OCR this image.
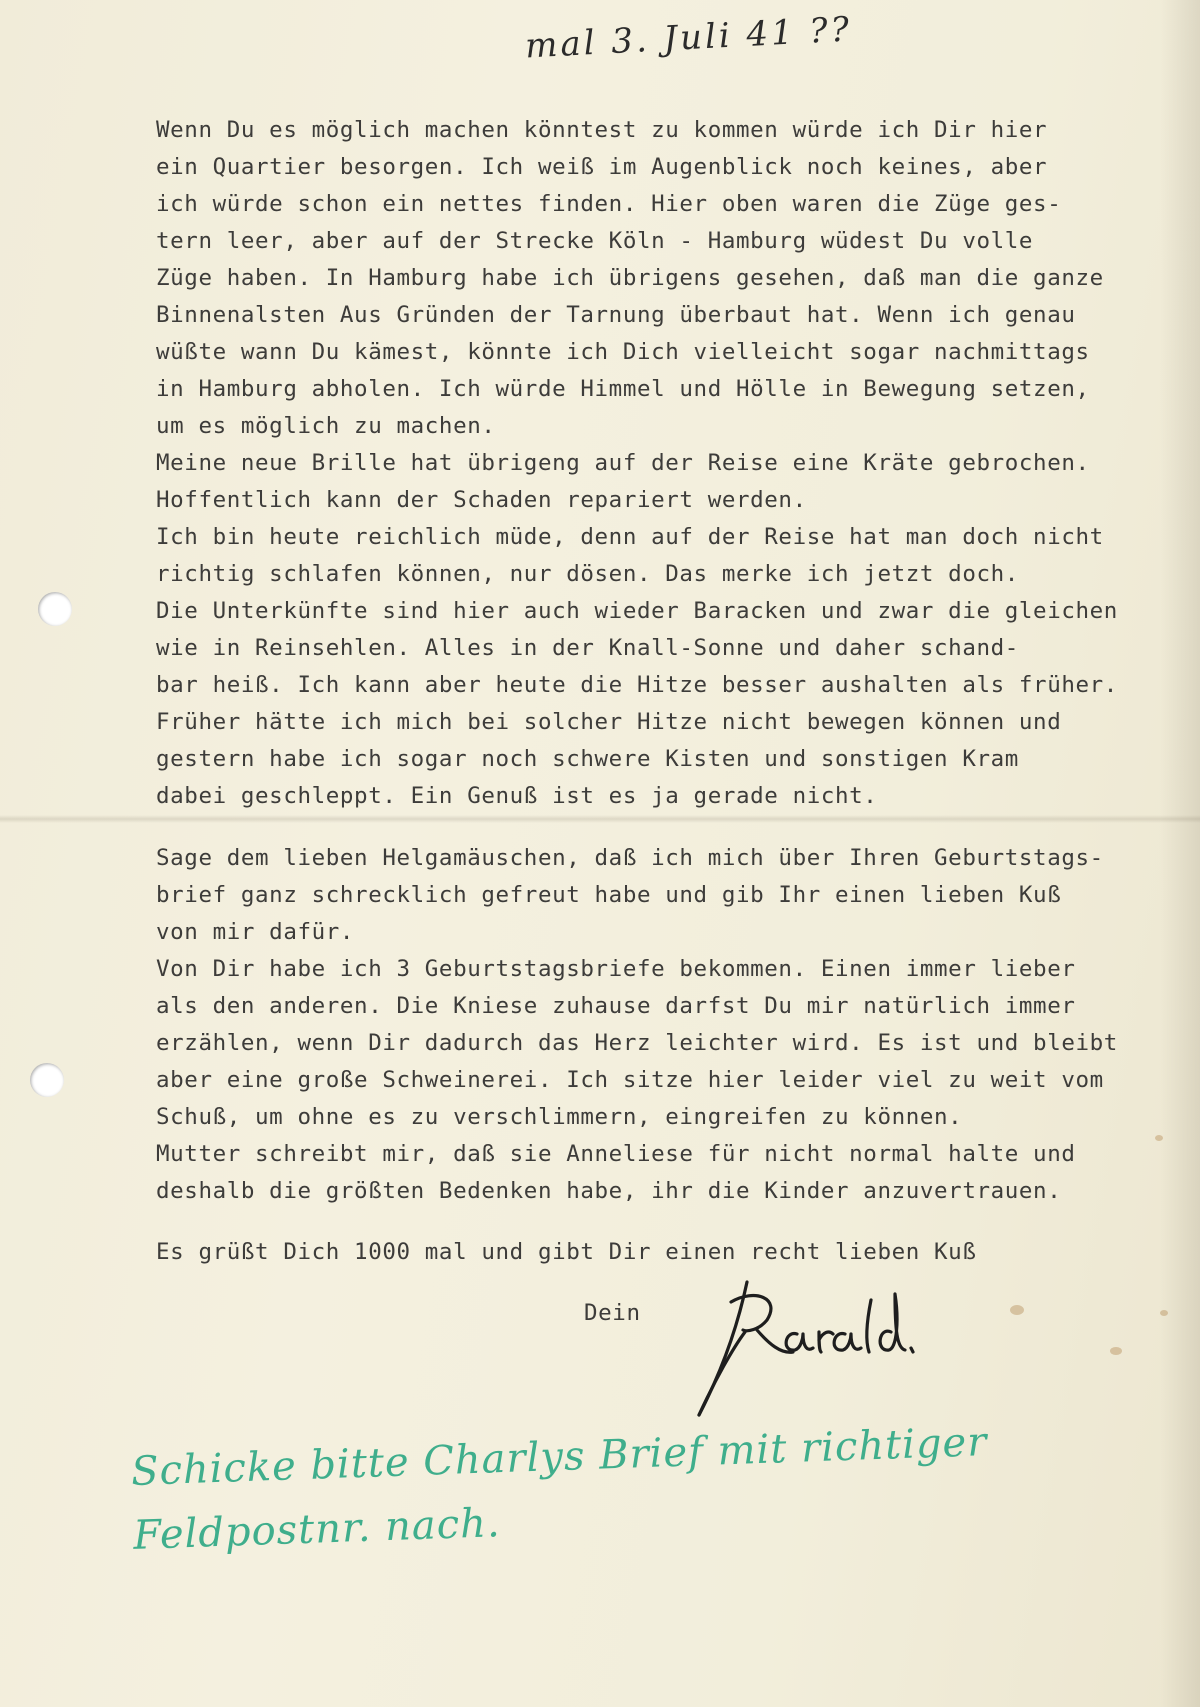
mal 3. Juli 41 ??
Wenn Du es möglich machen könntest zu kommen würde ich Dir hier
ein Quartier besorgen. Ich weiß im Augenblick noch keines, aber
ich würde schon ein nettes finden. Hier oben waren die Züge ges-
tern leer, aber auf der Strecke Köln - Hamburg wüdest Du volle
Züge haben. In Hamburg habe ich übrigens gesehen, daß man die ganze
Binnenalsten Aus Gründen der Tarnung überbaut hat. Wenn ich genau
wüßte wann Du kämest, könnte ich Dich vielleicht sogar nachmittags
in Hamburg abholen. Ich würde Himmel und Hölle in Bewegung setzen,
um es möglich zu machen.
Meine neue Brille hat übrigeng auf der Reise eine Kräte gebrochen.
Hoffentlich kann der Schaden repariert werden.
Ich bin heute reichlich müde, denn auf der Reise hat man doch nicht
richtig schlafen können, nur dösen. Das merke ich jetzt doch.
Die Unterkünfte sind hier auch wieder Baracken und zwar die gleichen
wie in Reinsehlen. Alles in der Knall-Sonne und daher schand-
bar heiß. Ich kann aber heute die Hitze besser aushalten als früher.
Früher hätte ich mich bei solcher Hitze nicht bewegen können und
gestern habe ich sogar noch schwere Kisten und sonstigen Kram
dabei geschleppt. Ein Genuß ist es ja gerade nicht.
Sage dem lieben Helgamäuschen, daß ich mich über Ihren Geburtstags-
brief ganz schrecklich gefreut habe und gib Ihr einen lieben Kuß
von mir dafür.
Von Dir habe ich 3 Geburtstagsbriefe bekommen. Einen immer lieber
als den anderen. Die Kniese zuhause darfst Du mir natürlich immer
erzählen, wenn Dir dadurch das Herz leichter wird. Es ist und bleibt
aber eine große Schweinerei. Ich sitze hier leider viel zu weit vom
Schuß, um ohne es zu verschlimmern, eingreifen zu können.
Mutter schreibt mir, daß sie Anneliese für nicht normal halte und
deshalb die größten Bedenken habe, ihr die Kinder anzuvertrauen.
Es grüßt Dich 1000 mal und gibt Dir einen recht lieben Kuß
Dein
Schicke bitte Charlys Brief mit richtiger
Feldpostnr. nach.
